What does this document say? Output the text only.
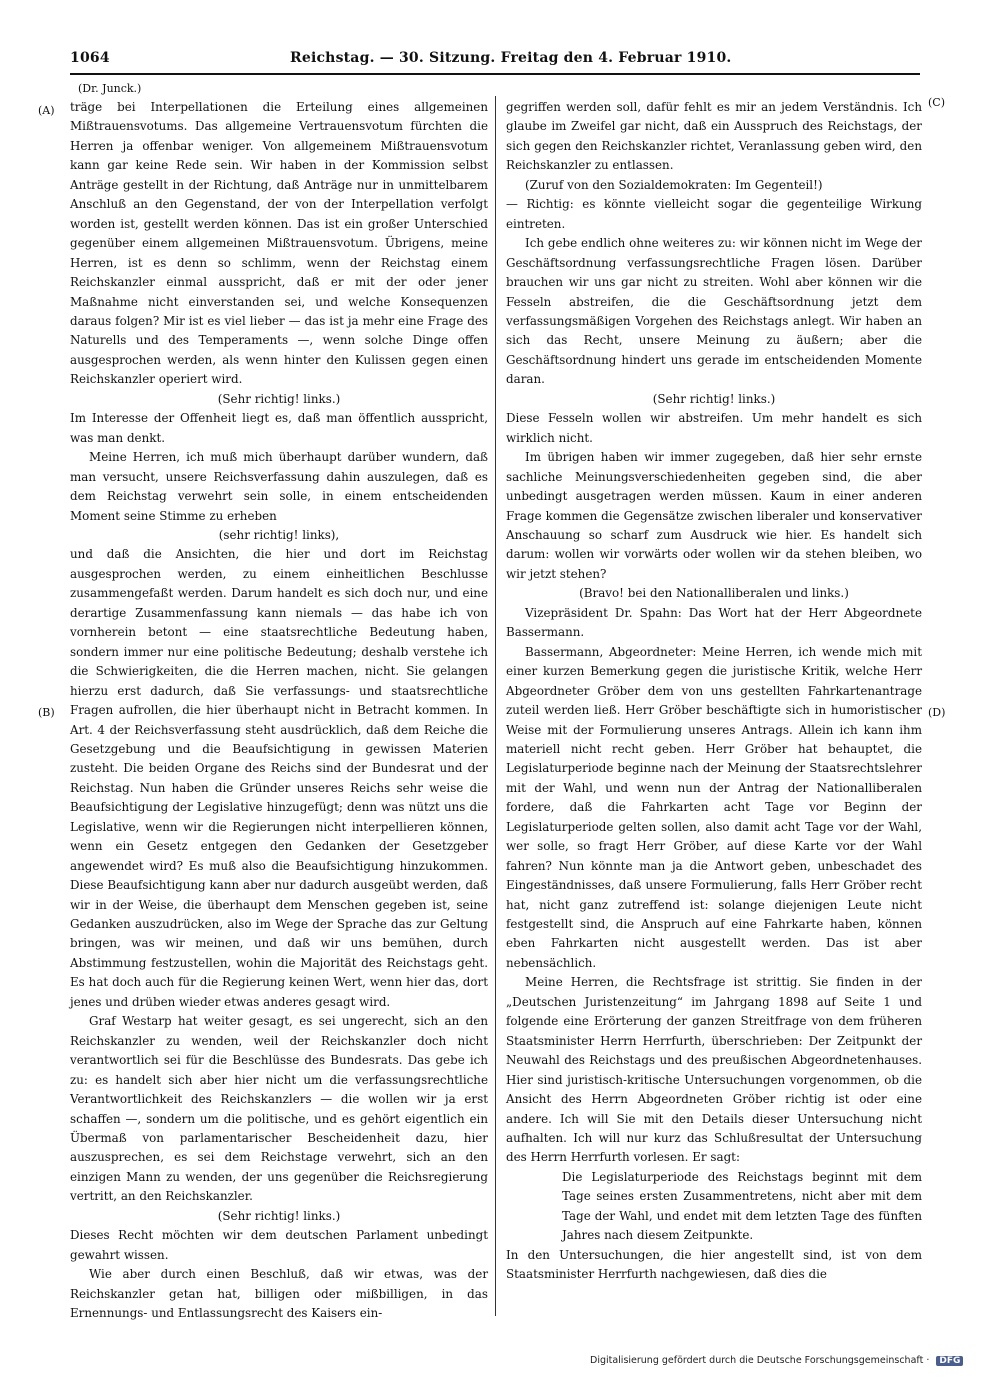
1064	Reichstag. — 30. Sitzung. Freitag den 4. Februar 1910.
(Dr. Junck.)
(A)
(B)
(C)
(D)

träge bei Interpellationen die Erteilung eines allgemeinen Mißtrauensvotums. Das allgemeine Vertrauensvotum fürchten die Herren ja offenbar weniger. Von allgemeinem Mißtrauensvotum kann gar keine Rede sein. Wir haben in der Kommission selbst Anträge gestellt in der Richtung, daß Anträge nur in unmittelbarem Anschluß an den Gegenstand, der von der Interpellation verfolgt worden ist, gestellt werden können. Das ist ein großer Unterschied gegenüber einem allgemeinen Mißtrauensvotum. Übrigens, meine Herren, ist es denn so schlimm, wenn der Reichstag einem Reichskanzler einmal ausspricht, daß er mit der oder jener Maßnahme nicht einverstanden sei, und welche Konsequenzen daraus folgen? Mir ist es viel lieber — das ist ja mehr eine Frage des Naturells und des Temperaments —, wenn solche Dinge offen ausgesprochen werden, als wenn hinter den Kulissen gegen einen Reichskanzler operiert wird.

(Sehr richtig! links.)

Im Interesse der Offenheit liegt es, daß man öffentlich ausspricht, was man denkt.

Meine Herren, ich muß mich überhaupt darüber wundern, daß man versucht, unsere Reichsverfassung dahin auszulegen, daß es dem Reichstag verwehrt sein solle, in einem entscheidenden Moment seine Stimme zu erheben

(sehr richtig! links),

und daß die Ansichten, die hier und dort im Reichstag ausgesprochen werden, zu einem einheitlichen Beschlusse zusammengefaßt werden. Darum handelt es sich doch nur, und eine derartige Zusammenfassung kann niemals — das habe ich von vornherein betont — eine staatsrechtliche Bedeutung haben, sondern immer nur eine politische Bedeutung; deshalb verstehe ich die Schwierigkeiten, die die Herren machen, nicht. Sie gelangen hierzu erst dadurch, daß Sie verfassungs- und staatsrechtliche Fragen aufrollen, die hier überhaupt nicht in Betracht kommen. In Art. 4 der Reichsverfassung steht ausdrücklich, daß dem Reiche die Gesetzgebung und die Beaufsichtigung in gewissen Materien zusteht. Die beiden Organe des Reichs sind der Bundesrat und der Reichstag. Nun haben die Gründer unseres Reichs sehr weise die Beaufsichtigung der Legislative hinzugefügt; denn was nützt uns die Legislative, wenn wir die Regierungen nicht interpellieren können, wenn ein Gesetz entgegen den Gedanken der Gesetzgeber angewendet wird? Es muß also die Beaufsichtigung hinzukommen. Diese Beaufsichtigung kann aber nur dadurch ausgeübt werden, daß wir in der Weise, die überhaupt dem Menschen gegeben ist, seine Gedanken auszudrücken, also im Wege der Sprache das zur Geltung bringen, was wir meinen, und daß wir uns bemühen, durch Abstimmung festzustellen, wohin die Majorität des Reichstags geht. Es hat doch auch für die Regierung keinen Wert, wenn hier das, dort jenes und drüben wieder etwas anderes gesagt wird.

Graf Westarp hat weiter gesagt, es sei ungerecht, sich an den Reichskanzler zu wenden, weil der Reichskanzler doch nicht verantwortlich sei für die Beschlüsse des Bundesrats. Das gebe ich zu: es handelt sich aber hier nicht um die verfassungsrechtliche Verantwortlichkeit des Reichskanzlers — die wollen wir ja erst schaffen —, sondern um die politische, und es gehört eigentlich ein Übermaß von parlamentarischer Bescheidenheit dazu, hier auszusprechen, es sei dem Reichstage verwehrt, sich an den einzigen Mann zu wenden, der uns gegenüber die Reichsregierung vertritt, an den Reichskanzler.

(Sehr richtig! links.)

Dieses Recht möchten wir dem deutschen Parlament unbedingt gewahrt wissen.

Wie aber durch einen Beschluß, daß wir etwas, was der Reichskanzler getan hat, billigen oder mißbilligen, in das Ernennungs- und Entlassungsrecht des Kaisers ein-

gegriffen werden soll, dafür fehlt es mir an jedem Verständnis. Ich glaube im Zweifel gar nicht, daß ein Ausspruch des Reichstags, der sich gegen den Reichskanzler richtet, Veranlassung geben wird, den Reichskanzler zu entlassen.

(Zuruf von den Sozialdemokraten: Im Gegenteil!)

— Richtig: es könnte vielleicht sogar die gegenteilige Wirkung eintreten.

Ich gebe endlich ohne weiteres zu: wir können nicht im Wege der Geschäftsordnung verfassungsrechtliche Fragen lösen. Darüber brauchen wir uns gar nicht zu streiten. Wohl aber können wir die Fesseln abstreifen, die die Geschäftsordnung jetzt dem verfassungsmäßigen Vorgehen des Reichstags anlegt. Wir haben an sich das Recht, unsere Meinung zu äußern; aber die Geschäftsordnung hindert uns gerade im entscheidenden Momente daran.

(Sehr richtig! links.)

Diese Fesseln wollen wir abstreifen. Um mehr handelt es sich wirklich nicht.

Im übrigen haben wir immer zugegeben, daß hier sehr ernste sachliche Meinungsverschiedenheiten gegeben sind, die aber unbedingt ausgetragen werden müssen. Kaum in einer anderen Frage kommen die Gegensätze zwischen liberaler und konservativer Anschauung so scharf zum Ausdruck wie hier. Es handelt sich darum: wollen wir vorwärts oder wollen wir da stehen bleiben, wo wir jetzt stehen?

(Bravo! bei den Nationalliberalen und links.)

Vizepräsident Dr. Spahn: Das Wort hat der Herr Abgeordnete Bassermann.

Bassermann, Abgeordneter: Meine Herren, ich wende mich mit einer kurzen Bemerkung gegen die juristische Kritik, welche Herr Abgeordneter Gröber dem von uns gestellten Fahrkartenantrage zuteil werden ließ. Herr Gröber beschäftigte sich in humoristischer Weise mit der Formulierung unseres Antrags. Allein ich kann ihm materiell nicht recht geben. Herr Gröber hat behauptet, die Legislaturperiode beginne nach der Meinung der Staatsrechtslehrer mit der Wahl, und wenn nun der Antrag der Nationalliberalen fordere, daß die Fahrkarten acht Tage vor Beginn der Legislaturperiode gelten sollen, also damit acht Tage vor der Wahl, wer solle, so fragt Herr Gröber, auf diese Karte vor der Wahl fahren? Nun könnte man ja die Antwort geben, unbeschadet des Eingeständnisses, daß unsere Formulierung, falls Herr Gröber recht hat, nicht ganz zutreffend ist: solange diejenigen Leute nicht festgestellt sind, die Anspruch auf eine Fahrkarte haben, können eben Fahrkarten nicht ausgestellt werden. Das ist aber nebensächlich.

Meine Herren, die Rechtsfrage ist strittig. Sie finden in der „Deutschen Juristenzeitung“ im Jahrgang 1898 auf Seite 1 und folgende eine Erörterung der ganzen Streitfrage von dem früheren Staatsminister Herrn Herrfurth, überschrieben: Der Zeitpunkt der Neuwahl des Reichstags und des preußischen Abgeordnetenhauses. Hier sind juristisch-kritische Untersuchungen vorgenommen, ob die Ansicht des Herrn Abgeordneten Gröber richtig ist oder eine andere. Ich will Sie mit den Details dieser Untersuchung nicht aufhalten. Ich will nur kurz das Schlußresultat der Untersuchung des Herrn Herrfurth vorlesen. Er sagt:

Die Legislaturperiode des Reichstags beginnt mit dem Tage seines ersten Zusammentretens, nicht aber mit dem Tage der Wahl, und endet mit dem letzten Tage des fünften Jahres nach diesem Zeitpunkte.

In den Untersuchungen, die hier angestellt sind, ist von dem Staatsminister Herrfurth nachgewiesen, daß dies die

Digitalisierung gefördert durch die Deutsche Forschungsgemeinschaft · DFG
